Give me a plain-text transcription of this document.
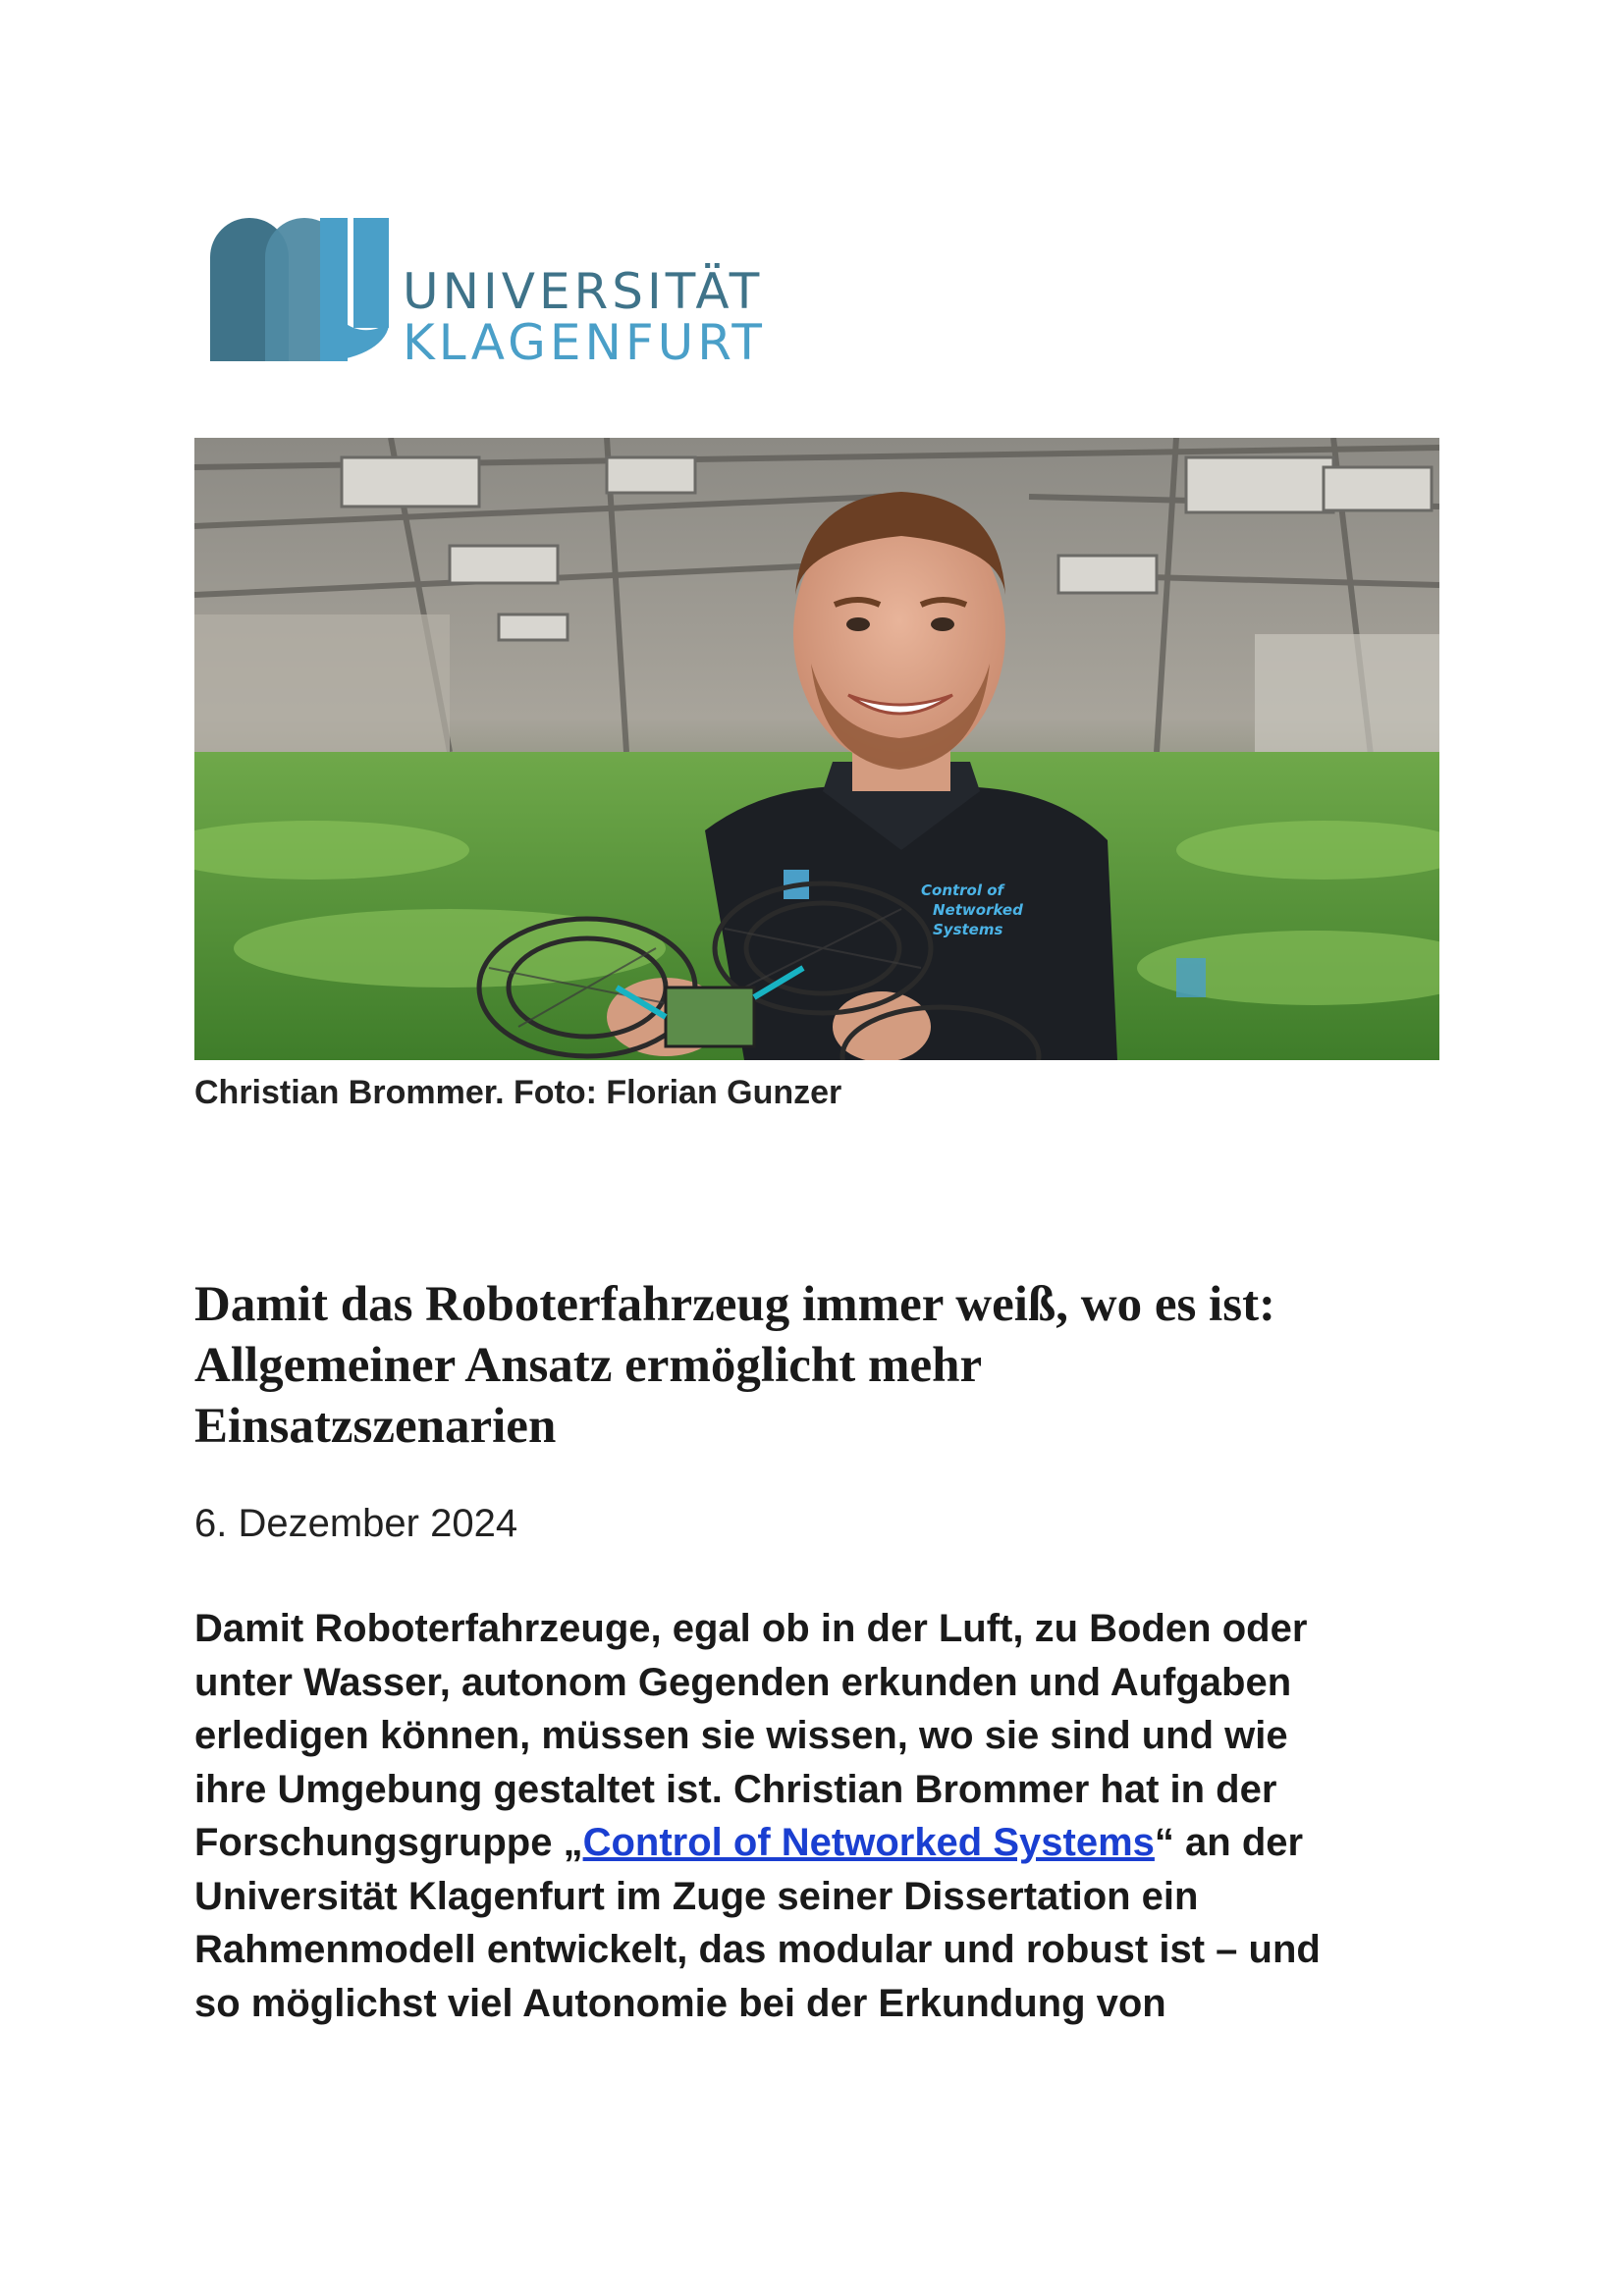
UNIVERSITÄT
KLAGENFURT
Control of
Networked
Systems
Christian Brommer. Foto: Florian Gunzer
Damit das Roboterfahrzeug immer weiß, wo es ist:
Allgemeiner Ansatz ermöglicht mehr
Einsatzszenarien
6. Dezember 2024

Damit Roboterfahrzeuge, egal ob in der Luft, zu Boden oder
unter Wasser, autonom Gegenden erkunden und Aufgaben
erledigen können, müssen sie wissen, wo sie sind und wie
ihre Umgebung gestaltet ist. Christian Brommer hat in der
Forschungsgruppe „Control of Networked Systems“ an der
Universität Klagenfurt im Zuge seiner Dissertation ein
Rahmenmodell entwickelt, das modular und robust ist – und
so möglichst viel Autonomie bei der Erkundung von
